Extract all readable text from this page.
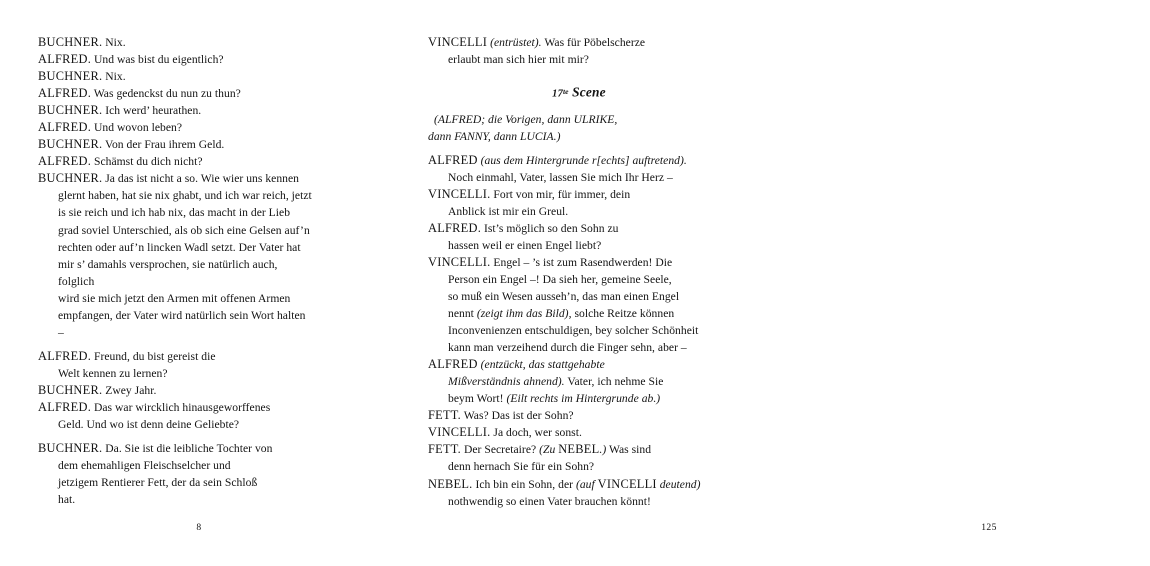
BUCHNER. Nix.

ALFRED. Und was bist du eigentlich?

BUCHNER. Nix.

ALFRED. Was gedenckst du nun zu thun?

BUCHNER. Ich werd’ heurathen.

ALFRED. Und wovon leben?

BUCHNER. Von der Frau ihrem Geld.

ALFRED. Schämst du dich nicht?

BUCHNER. Ja das ist nicht a so. Wie wier uns kennen

glernt haben, hat sie nix ghabt, und ich war reich, jetzt

is sie reich und ich hab nix, das macht in der Lieb

grad soviel Unterschied, als ob sich eine Gelsen auf’n

rechten oder auf’n lincken Wadl setzt. Der Vater hat

mir s’ damahls versprochen, sie natürlich auch,

folglich

wird sie mich jetzt den Armen mit offenen Armen

empfangen, der Vater wird natürlich sein Wort halten

–

ALFRED. Freund, du bist gereist die

Welt kennen zu lernen?

BUCHNER. Zwey Jahr.

ALFRED. Das war wircklich hinausgeworffenes

Geld. Und wo ist denn deine Geliebte?

BUCHNER. Da. Sie ist die leibliche Tochter von

dem ehemahligen Fleischselcher und

jetzigem Rentierer Fett, der da sein Schloß

hat.

8

VINCELLI (entrüstet). Was für Pöbelscherze

erlaubt man sich hier mit mir?

17te Scene

(ALFRED; die Vorigen, dann ULRIKE,

dann FANNY, dann LUCIA.)

ALFRED (aus dem Hintergrunde r[echts] auftretend).

Noch einmahl, Vater, lassen Sie mich Ihr Herz –

VINCELLI. Fort von mir, für immer, dein

Anblick ist mir ein Greul.

ALFRED. Ist’s möglich so den Sohn zu

hassen weil er einen Engel liebt?

VINCELLI. Engel – ’s ist zum Rasendwerden! Die

Person ein Engel –! Da sieh her, gemeine Seele,

so muß ein Wesen ausseh’n, das man einen Engel

nennt (zeigt ihm das Bild), solche Reitze können

Inconvenienzen entschuldigen, bey solcher Schönheit

kann man verzeihend durch die Finger sehn, aber –

ALFRED (entzückt, das stattgehabte

Mißverständnis ahnend). Vater, ich nehme Sie

beym Wort! (Eilt rechts im Hintergrunde ab.)

FETT. Was? Das ist der Sohn?

VINCELLI. Ja doch, wer sonst.

FETT. Der Secretaire? (Zu NEBEL.) Was sind

denn hernach Sie für ein Sohn?

NEBEL. Ich bin ein Sohn, der (auf VINCELLI deutend)

nothwendig so einen Vater brauchen könnt!

125
